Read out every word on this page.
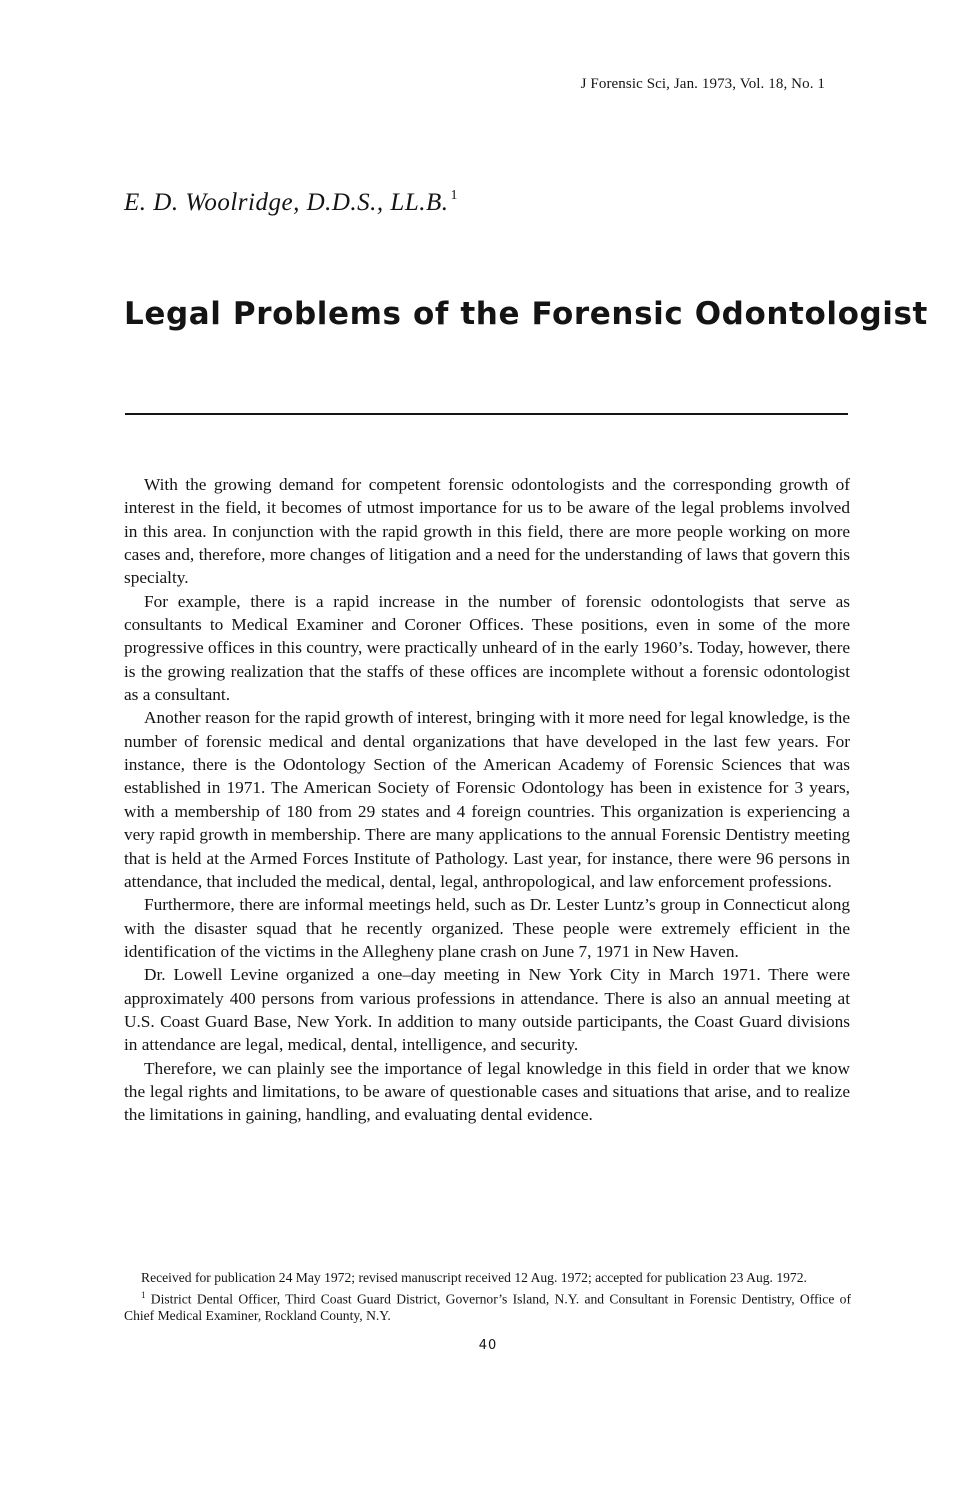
J Forensic Sci, Jan. 1973, Vol. 18, No. 1
E. D. Woolridge, D.D.S., LL.B. $^1$
Legal Problems of the Forensic Odontologist

With the growing demand for competent forensic odontologists and the corresponding growth of interest in the field, it becomes of utmost importance for us to be aware of the legal problems involved in this area. In conjunction with the rapid growth in this field, there are more people working on more cases and, therefore, more changes of litigation and a need for the understanding of laws that govern this specialty.

For example, there is a rapid increase in the number of forensic odontologists that serve as consultants to Medical Examiner and Coroner Offices. These positions, even in some of the more progressive offices in this country, were practically unheard of in the early 1960’s. Today, however, there is the growing realization that the staffs of these offices are incomplete without a forensic odontologist as a consultant.

Another reason for the rapid growth of interest, bringing with it more need for legal knowledge, is the number of forensic medical and dental organizations that have developed in the last few years. For instance, there is the Odontology Section of the American Academy of Forensic Sciences that was established in 1971. The American Society of Forensic Odontology has been in existence for 3 years, with a membership of 180 from 29 states and 4 foreign countries. This organization is experiencing a very rapid growth in membership. There are many applications to the annual Forensic Dentistry meeting that is held at the Armed Forces Institute of Pathology. Last year, for instance, there were 96 persons in attendance, that included the medical, dental, legal, anthropological, and law enforcement professions.

Furthermore, there are informal meetings held, such as Dr. Lester Luntz’s group in Connecticut along with the disaster squad that he recently organized. These people were extremely efficient in the identification of the victims in the Allegheny plane crash on June 7, 1971 in New Haven.

Dr. Lowell Levine organized a one–day meeting in New York City in March 1971. There were approximately 400 persons from various professions in attendance. There is also an annual meeting at U.S. Coast Guard Base, New York. In addition to many outside participants, the Coast Guard divisions in attendance are legal, medical, dental, intelligence, and security.

Therefore, we can plainly see the importance of legal knowledge in this field in order that we know the legal rights and limitations, to be aware of questionable cases and situations that arise, and to realize the limitations in gaining, handling, and evaluating dental evidence.

Received for publication 24 May 1972; revised manuscript received 12 Aug. 1972; accepted for publication 23 Aug. 1972.

$^1$ District Dental Officer, Third Coast Guard District, Governor’s Island, N.Y. and Consultant in Forensic Dentistry, Office of Chief Medical Examiner, Rockland County, N.Y.

40
